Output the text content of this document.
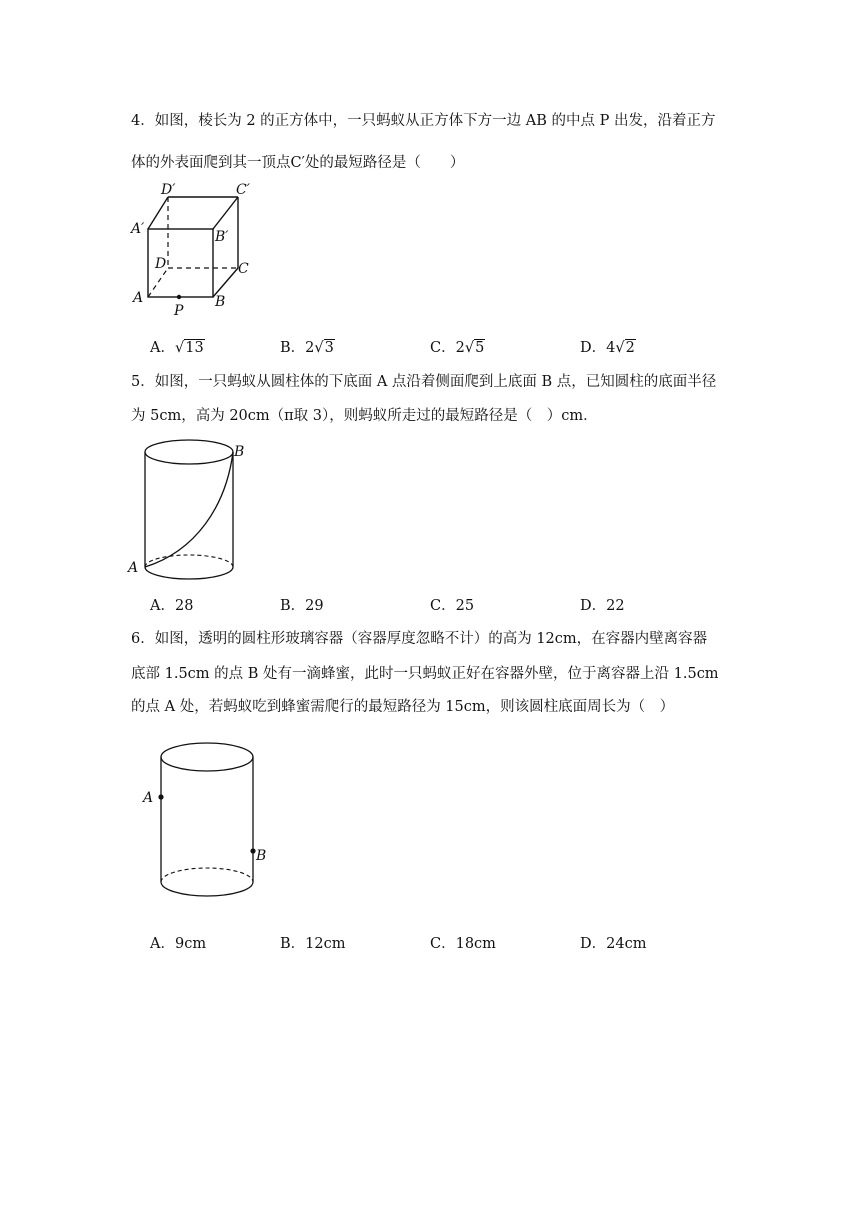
4．如图，棱长为 2 的正方体中，一只蚂蚁从正方体下方一边 AB 的中点 P 出发，沿着正方
体的外表面爬到其一顶点C′处的最短路径是（　　）
D′	C′
A′	B′
D	C
A	B
P
A．√13	B．2√3	C．2√5	D．4√2
5．如图，一只蚂蚁从圆柱体的下底面 A 点沿着侧面爬到上底面 B 点，已知圆柱的底面半径
为 5cm，高为 20cm（π取 3），则蚂蚁所走过的最短路径是（　）cm．
B
A
A．28	B．29	C．25	D．22
6．如图，透明的圆柱形玻璃容器（容器厚度忽略不计）的高为 12cm，在容器内壁离容器
底部 1.5cm 的点 B 处有一滴蜂蜜，此时一只蚂蚁正好在容器外壁，位于离容器上沿 1.5cm
的点 A 处，若蚂蚁吃到蜂蜜需爬行的最短路径为 15cm，则该圆柱底面周长为（　）
A
B
A．9cm	B．12cm	C．18cm	D．24cm
